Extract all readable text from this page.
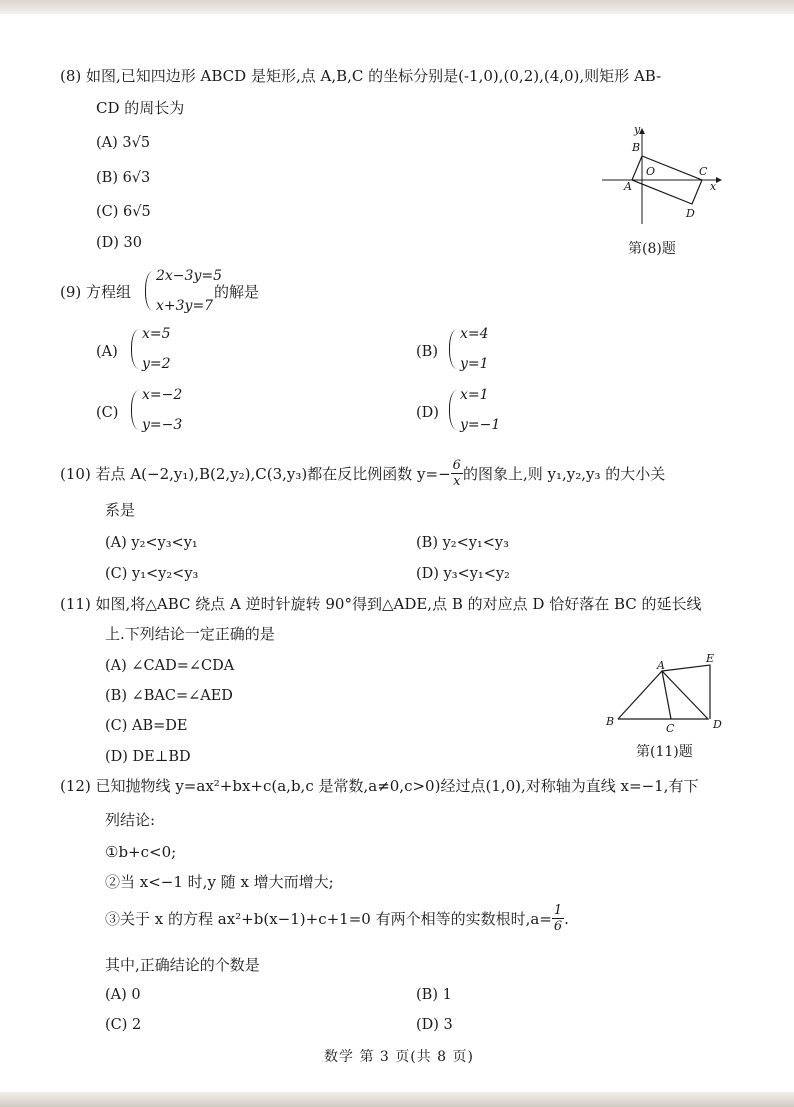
(8) 如图,已知四边形 ABCD 是矩形,点 A,B,C 的坐标分别是(-1,0),(0,2),(4,0),则矩形 AB-
CD 的周长为
(A) 3√5
(B) 6√3
(C) 6√5
(D) 30
y
x
B
O	C
A
D
第(8)题
(9) 方程组
2x−3y=5
x+3y=7
的解是
(A)
x=5
y=2
(B)
x=4
y=1
(C)
x=−2
y=−3
(D)
x=1
y=−1
(10) 若点 A(−2,y₁),B(2,y₂),C(3,y₃)都在反比例函数 $y=- \frac{6}{x}$ 的图象上,则 y₁,y₂,y₃ 的大小关
系是
(A) y₂<y₃<y₁	(B) y₂<y₁<y₃
(C) y₁<y₂<y₃	(D) y₃<y₁<y₂
(11) 如图,将△ABC 绕点 A 逆时针旋转 90°得到△ADE,点 B 的对应点 D 恰好落在 BC 的延长线
上.下列结论一定正确的是
(A) ∠CAD=∠CDA
(B) ∠BAC=∠AED
(C) AB=DE
(D) DE⊥BD
A
E
B
C	D
第(11)题
(12) 已知抛物线 y=ax²+bx+c(a,b,c 是常数,a≠0,c>0)经过点(1,0),对称轴为直线 x=−1,有下
列结论:
①b+c<0;
②当 x<−1 时,y 随 x 增大而增大;
③关于 x 的方程 ax²+b(x−1)+c+1=0 有两个相等的实数根时$,a= \frac{1}{6}$ .
其中,正确结论的个数是
(A) 0	(B) 1
(C) 2	(D) 3
数学 第 3 页(共 8 页)
